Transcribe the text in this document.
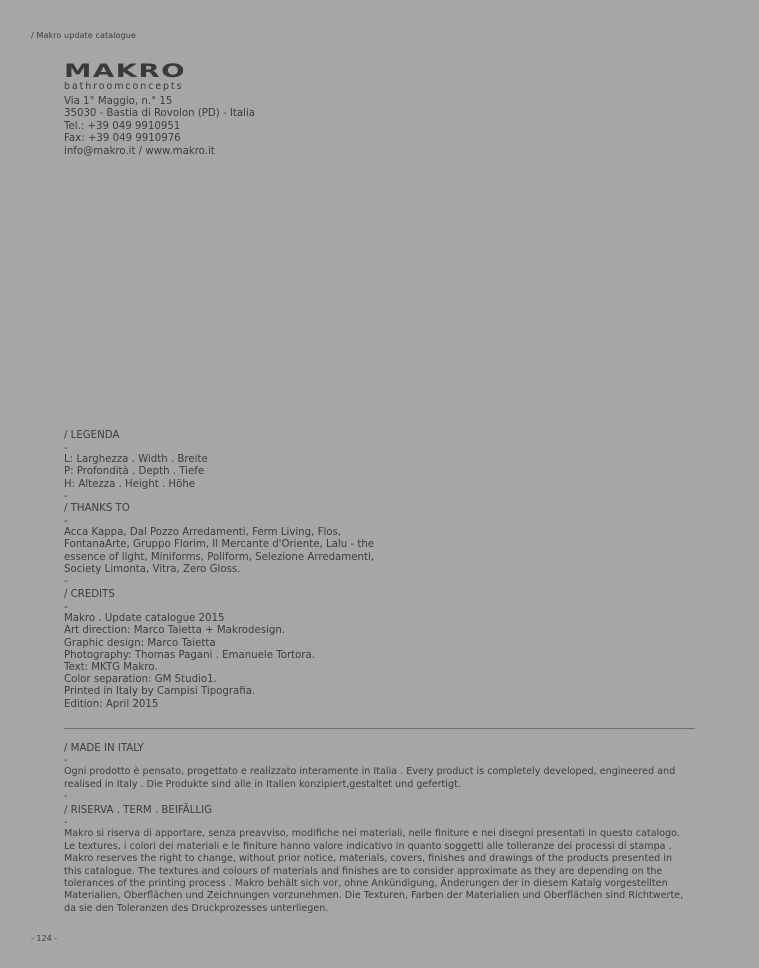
/ Makro update catalogue
MAKRO
bathroomconcepts
Via 1° Maggio, n.° 15
35030 - Bastia di Rovolon (PD) - Italia
Tel.: +39 049 9910951
Fax: +39 049 9910976
info@makro.it / www.makro.it
/ LEGENDA
-
L: Larghezza . Width . Breite
P: Profondità . Depth . Tiefe
H: Altezza . Height . Höhe
-
/ THANKS TO
-
Acca Kappa, Dal Pozzo Arredamenti, Ferm Living, Flos,
FontanaArte, Gruppo Florim, Il Mercante d'Oriente, Lalu - the
essence of light, Miniforms, Poliform, Selezione Arredamenti,
Society Limonta, Vitra, Zero Gloss.
-
/ CREDITS
-
Makro . Update catalogue 2015
Art direction: Marco Taietta + Makrodesign.
Graphic design: Marco Taietta
Photography: Thomas Pagani . Emanuele Tortora.
Text: MKTG Makro.
Color separation: GM Studio1.
Printed in Italy by Campisi Tipografia.
Edition: April 2015
/ MADE IN ITALY
-

Ogni prodotto è pensato, progettato e realizzato interamente in Italia . Every product is completely developed, engineered and realised in Italy . Die Produkte sind alle in Italien konzipiert,gestaltet und gefertigt.

-
/ RISERVA . TERM . BEIFÄLLIG
-

Makro si riserva di apportare, senza preavviso, modifiche nei materiali, nelle finiture e nei disegni presentati in questo catalogo. Le textures, i colori dei materiali e le finiture hanno valore indicativo in quanto soggetti alle tolleranze dei processi di stampa . Makro reserves the right to change, without prior notice, materials, covers, finishes and drawings of the products presented in this catalogue. The textures and colours of materials and finishes are to consider approximate as they are depending on the tolerances of the printing process . Makro behält sich vor, ohne Ankündigung, Änderungen der in diesem Katalg vorgestellten Materialien, Oberflächen und Zeichnungen vorzunehmen. Die Texturen, Farben der Materialien und Oberflächen sind Richtwerte, da sie den Toleranzen des Druckprozesses unterliegen.

- 124 -
